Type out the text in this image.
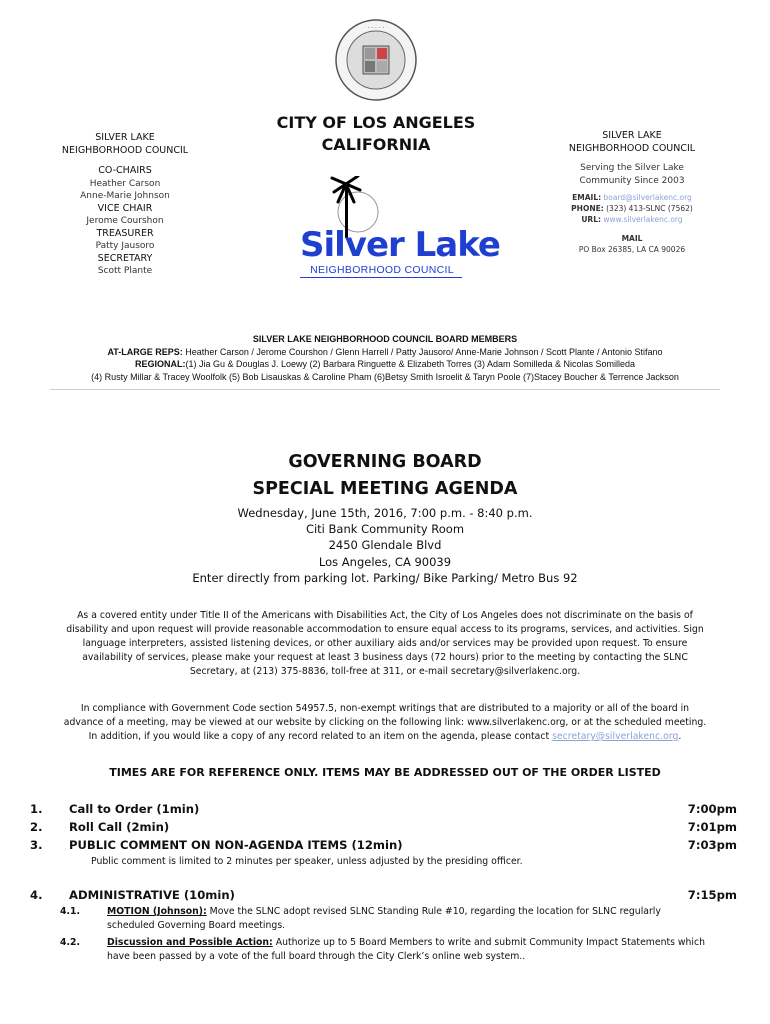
· · · · ·
CITY OF LOS ANGELES
CALIFORNIA
SILVER LAKE
NEIGHBORHOOD COUNCIL
CO-CHAIRS
Heather Carson
Anne-Marie Johnson
VICE CHAIR
Jerome Courshon
TREASURER
Patty Jausoro
SECRETARY
Scott Plante
SILVER LAKE
NEIGHBORHOOD COUNCIL
Serving the Silver Lake
Community Since 2003
EMAIL: board@silverlakenc.org
PHONE: (323) 413-SLNC (7562)
URL: www.silverlakenc.org
MAIL
PO Box 26385, LA CA 90026
Silver Lake
NEIGHBORHOOD COUNCIL
SILVER LAKE NEIGHBORHOOD COUNCIL BOARD MEMBERS
AT-LARGE REPS: Heather Carson / Jerome Courshon / Glenn Harrell / Patty Jausoro/ Anne-Marie Johnson / Scott Plante / Antonio Stifano
REGIONAL:(1) Jia Gu & Douglas J. Loewy (2) Barbara Ringuette & Elizabeth Torres (3) Adam Somilleda & Nicolas Somilleda
(4) Rusty Millar & Tracey Woolfolk (5) Bob Lisauskas & Caroline Pham (6)Betsy Smith Isroelit & Taryn Poole (7)Stacey Boucher & Terrence Jackson
GOVERNING BOARD
SPECIAL MEETING AGENDA
Wednesday, June 15th, 2016, 7:00 p.m. - 8:40 p.m.
Citi Bank Community Room
2450 Glendale Blvd
Los Angeles, CA 90039
Enter directly from parking lot. Parking/ Bike Parking/ Metro Bus 92
As a covered entity under Title II of the Americans with Disabilities Act, the City of Los Angeles does not discriminate on the basis of
disability and upon request will provide reasonable accommodation to ensure equal access to its programs, services, and activities. Sign
language interpreters, assisted listening devices, or other auxiliary aids and/or services may be provided upon request. To ensure
availability of services, please make your request at least 3 business days (72 hours) prior to the meeting by contacting the SLNC
Secretary, at (213) 375-8836, toll-free at 311, or e-mail secretary@silverlakenc.org.
In compliance with Government Code section 54957.5, non-exempt writings that are distributed to a majority or all of the board in
advance of a meeting, may be viewed at our website by clicking on the following link: www.silverlakenc.org, or at the scheduled meeting.
In addition, if you would like a copy of any record related to an item on the agenda, please contact secretary@silverlakenc.org.
TIMES ARE FOR REFERENCE ONLY. ITEMS MAY BE ADDRESSED OUT OF THE ORDER LISTED
1.	Call to Order (1min)	7:00pm
2.	Roll Call (2min)	7:01pm
3.	PUBLIC COMMENT ON NON-AGENDA ITEMS (12min)	7:03pm
Public comment is limited to 2 minutes per speaker, unless adjusted by the presiding officer.
4.	ADMINISTRATIVE (10min)	7:15pm
4.1.	MOTION (Johnson): Move the SLNC adopt revised SLNC Standing Rule #10, regarding the location for SLNC regularly
scheduled Governing Board meetings.
4.2.	Discussion and Possible Action: Authorize up to 5 Board Members to write and submit Community Impact Statements which
have been passed by a vote of the full board through the City Clerk’s online web system..
